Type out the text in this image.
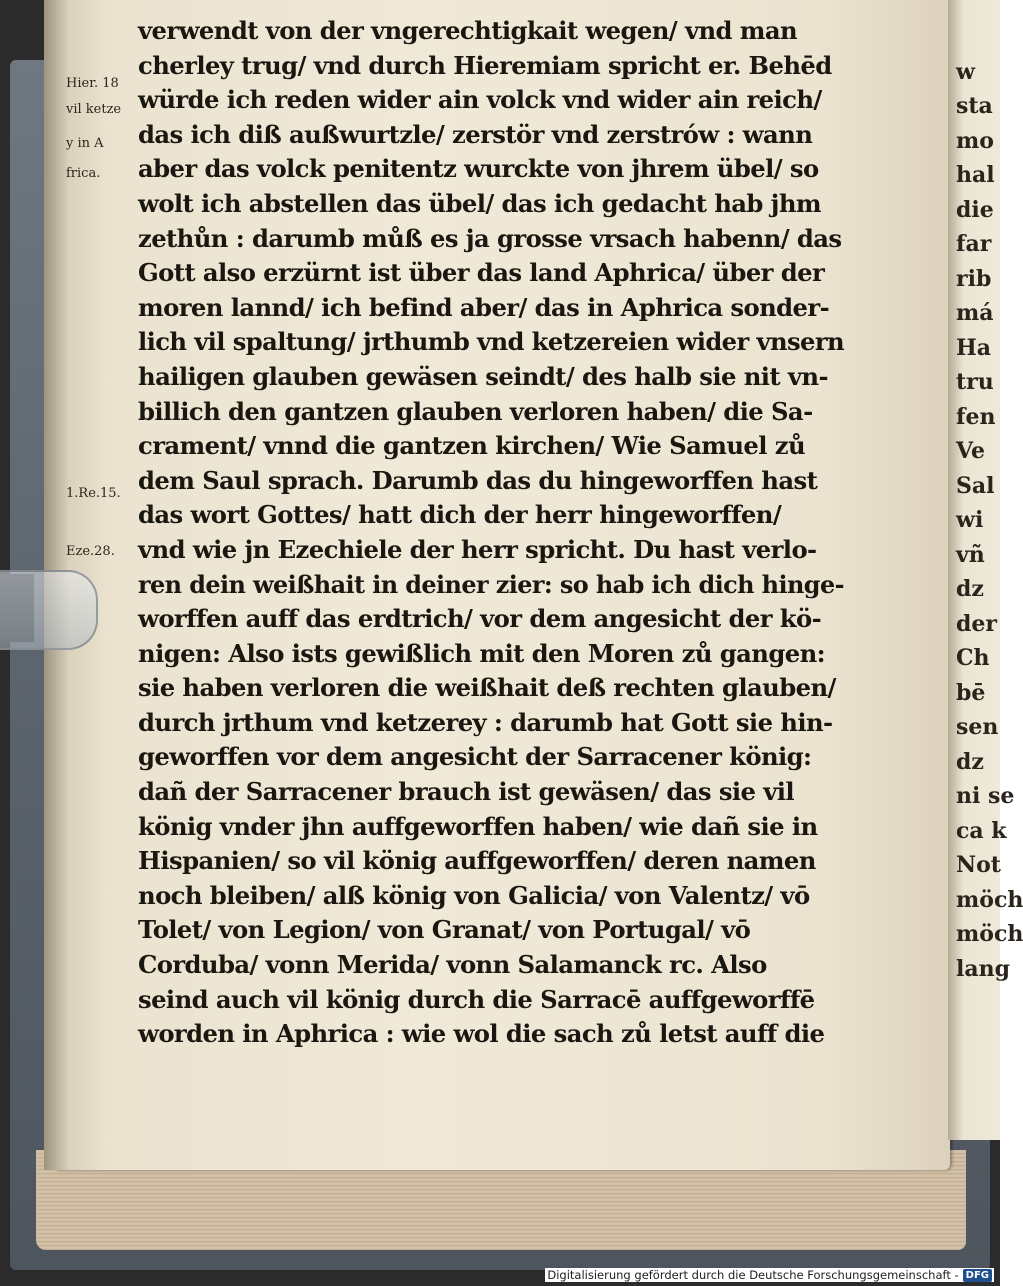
w
sta
mo
hal
die
far
rib
má
Ha
tru
fen
Ve
Sal
wi
vñ
dz
der
Ch
bē
sen
dz
ni se
ca k
Not
möch
möch
lang
Hier. 18
vil ketze
y in A
frica.
1.Re.15.
Eze.28.
verwendt von der vngerechtigkait wegen/ vnd man
cherley trug/ vnd durch Hieremiam spricht er. Behēd
würde ich reden wider ain volck vnd wider ain reich/
das ich diß außwurtzle/ zerstör vnd zerstrów : wann
aber das volck penitentz wurckte von jhrem übel/ so
wolt ich abstellen das übel/ das ich gedacht hab jhm
zethůn : darumb můß es ja grosse vrsach habenn/ das
Gott also erzürnt ist über das land Aphrica/ über der
moren lannd/ ich befind aber/ das in Aphrica sonder-
lich vil spaltung/ jrthumb vnd ketzereien wider vnsern
hailigen glauben gewäsen seindt/ des halb sie nit vn-
billich den gantzen glauben verloren haben/ die Sa-
crament/ vnnd die gantzen kirchen/ Wie Samuel zů
dem Saul sprach. Darumb das du hingeworffen hast
das wort Gottes/ hatt dich der herr hingeworffen/
vnd wie jn Ezechiele der herr spricht. Du hast verlo-
ren dein weißhait in deiner zier: so hab ich dich hinge-
worffen auff das erdtrich/ vor dem angesicht der kö-
nigen: Also ists gewißlich mit den Moren zů gangen:
sie haben verloren die weißhait deß rechten glauben/
durch jrthum vnd ketzerey : darumb hat Gott sie hin-
geworffen vor dem angesicht der Sarracener könig:
dañ der Sarracener brauch ist gewäsen/ das sie vil
könig vnder jhn auffgeworffen haben/ wie dañ sie in
Hispanien/ so vil könig auffgeworffen/ deren namen
noch bleiben/ alß könig von Galicia/ von Valentz/ vō
Tolet/ von Legion/ von Granat/ von Portugal/ vō
Corduba/ vonn Merida/ vonn Salamanck rc. Also
seind auch vil könig durch die Sarracē auffgeworffē
worden in Aphrica : wie wol die sach zů letst auff die
Digitalisierung gefördert durch die Deutsche Forschungsgemeinschaft - DFG
